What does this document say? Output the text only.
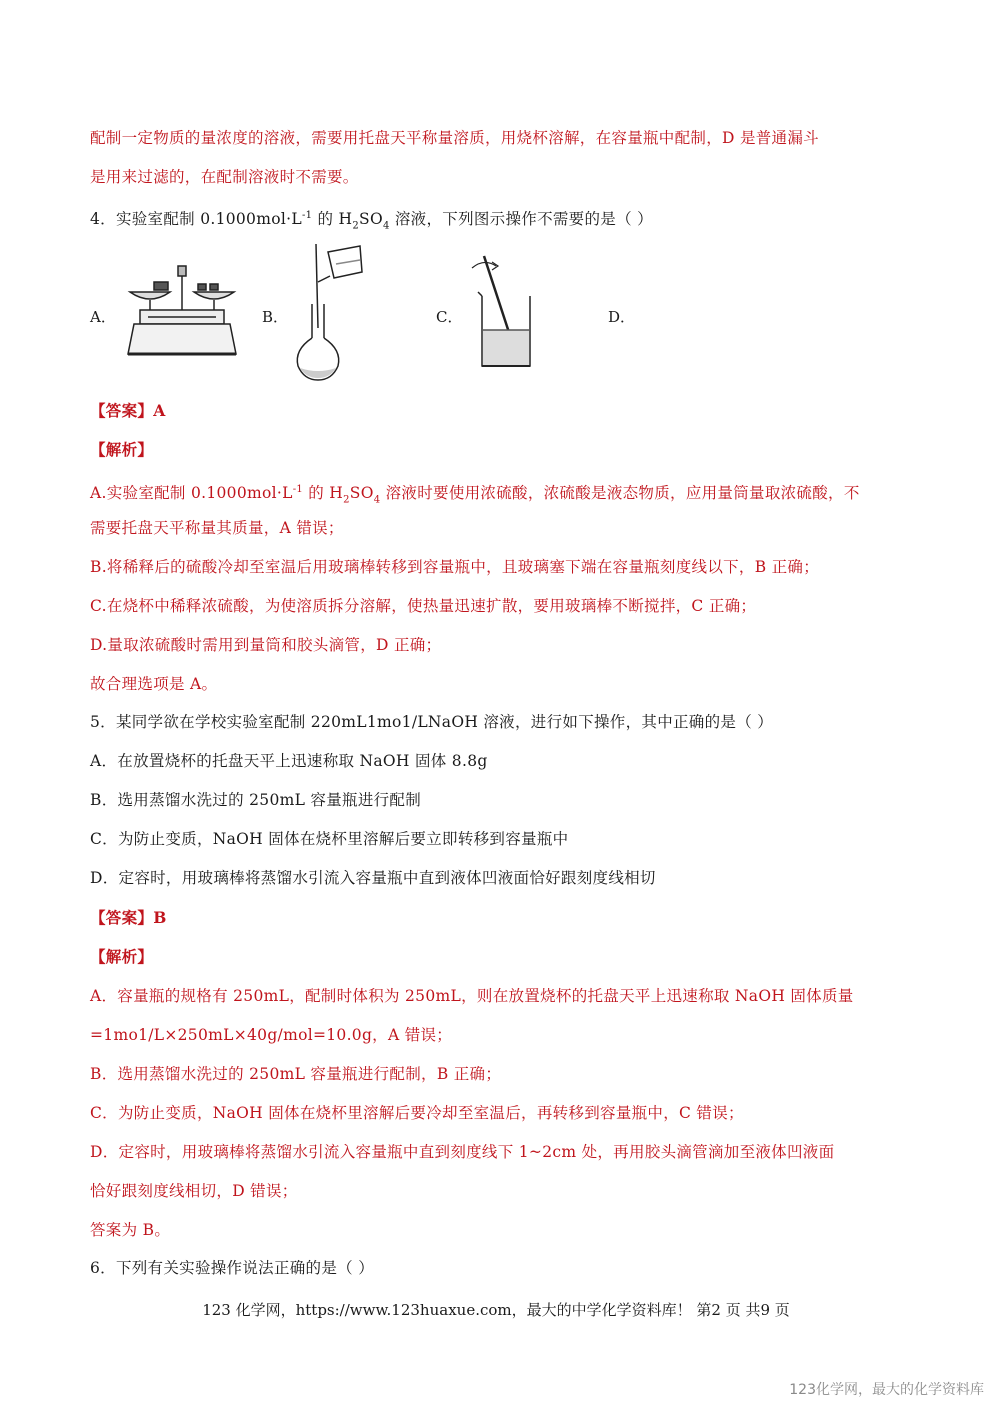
配制一定物质的量浓度的溶液，需要用托盘天平称量溶质，用烧杯溶解，在容量瓶中配制，D 是普通漏斗
是用来过滤的，在配制溶液时不需要。
4．实验室配制 $0.1000mol\cdot L^{-1}$ 的 $H_2SO_4$ 溶液，下列图示操作不需要的是（ ）
A．	B．	C．	D．
【答案】A
【解析】
A.实验室配制 $0.1000mol\cdot L^{-1}$ 的 $H_2SO_4$ 溶液时要使用浓硫酸，浓硫酸是液态物质，应用量筒量取浓硫酸，不
需要托盘天平称量其质量，A 错误；
B.将稀释后的硫酸冷却至室温后用玻璃棒转移到容量瓶中，且玻璃塞下端在容量瓶刻度线以下，B 正确；
C.在烧杯中稀释浓硫酸，为使溶质拆分溶解，使热量迅速扩散，要用玻璃棒不断搅拌，C 正确；
D.量取浓硫酸时需用到量筒和胶头滴管，D 正确；
故合理选项是 A。
5．某同学欲在学校实验室配制 220mL1mo1/LNaOH 溶液，进行如下操作，其中正确的是（ ）
A．在放置烧杯的托盘天平上迅速称取 NaOH 固体 8.8g
B．选用蒸馏水洗过的 250mL 容量瓶进行配制
C．为防止变质，NaOH 固体在烧杯里溶解后要立即转移到容量瓶中
D．定容时，用玻璃棒将蒸馏水引流入容量瓶中直到液体凹液面恰好跟刻度线相切
【答案】B
【解析】
A．容量瓶的规格有 250mL，配制时体积为 250mL，则在放置烧杯的托盘天平上迅速称取 NaOH 固体质量
=1mo1/L×250mL×40g/mol=10.0g，A 错误；
B．选用蒸馏水洗过的 250mL 容量瓶进行配制，B 正确；
C．为防止变质，NaOH 固体在烧杯里溶解后要冷却至室温后，再转移到容量瓶中，C 错误；
D．定容时，用玻璃棒将蒸馏水引流入容量瓶中直到刻度线下 1~2cm 处，再用胶头滴管滴加至液体凹液面
恰好跟刻度线相切，D 错误；
答案为 B。
6．下列有关实验操作说法正确的是（ ）
123 化学网，https://www.123huaxue.com，最大的中学化学资料库！ 第2 页 共9 页
123化学网，最大的化学资料库
